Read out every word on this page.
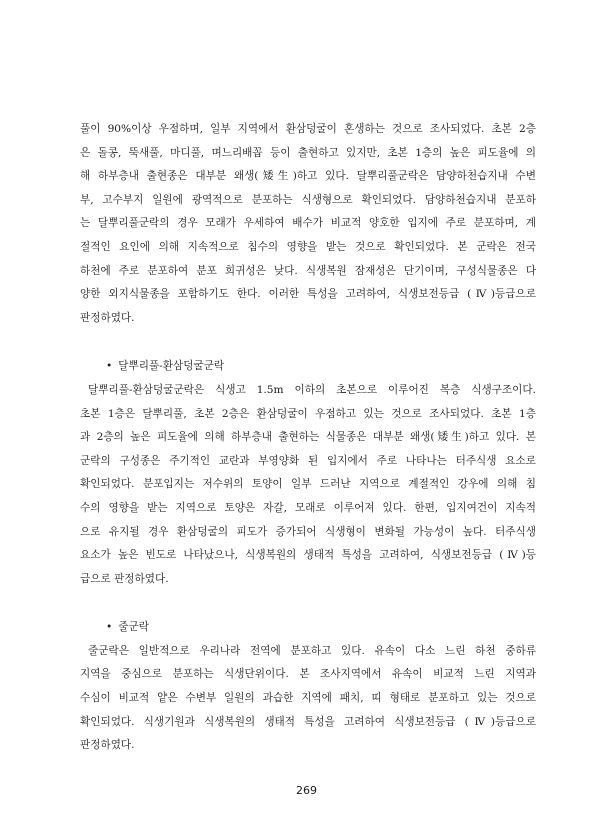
풀이 90%이상 우점하며, 일부 지역에서 환삼덩굴이 혼생하는 것으로 조사되었다. 초본 2층

은 돌콩, 뚝새풀, 마디풀, 며느리배꼽 등이 출현하고 있지만, 초본 1층의 높은 피도율에 의

해 하부층내 출현종은 대부분 왜생(矮生)하고 있다. 달뿌리풀군락은 담양하천습지내 수변

부, 고수부지 일원에 광역적으로 분포하는 식생형으로 확인되었다. 담양하천습지내 분포하

는 달뿌리풀군락의 경우 모래가 우세하여 배수가 비교적 양호한 입지에 주로 분포하며, 계

절적인 요인에 의해 지속적으로 침수의 영향을 받는 것으로 확인되었다. 본 군락은 전국

하천에 주로 분포하여 분포 희귀성은 낮다. 식생복원 잠재성은 단기이며, 구성식물종은 다

양한 외지식물종을 포함하기도 한다. 이러한 특성을 고려하여, 식생보전등급 (Ⅳ)등급으로

판정하였다.

• 달뿌리풀-환삼덩굴군락

달뿌리풀-환삼덩굴군락은 식생고 1.5m 이하의 초본으로 이루어진 복층 식생구조이다.

초본 1층은 달뿌리풀, 초본 2층은 환삼덩굴이 우점하고 있는 것으로 조사되었다. 초본 1층

과 2층의 높은 피도율에 의해 하부층내 출현하는 식물종은 대부분 왜생(矮生)하고 있다. 본

군락의 구성종은 주기적인 교란과 부영양화 된 입지에서 주로 나타나는 터주식생 요소로

확인되었다. 분포입지는 저수위의 토양이 일부 드러난 지역으로 계절적인 강우에 의해 침

수의 영향을 받는 지역으로 토양은 자갈, 모래로 이루어져 있다. 한편, 입지여건이 지속적

으로 유지될 경우 환삼덩굴의 피도가 증가되어 식생형이 변화될 가능성이 높다. 터주식생

요소가 높은 빈도로 나타났으나, 식생복원의 생태적 특성을 고려하여, 식생보전등급 (Ⅳ)등

급으로 판정하였다.

• 줄군락

줄군락은 일반적으로 우리나라 전역에 분포하고 있다. 유속이 다소 느린 하천 중하류

지역을 중심으로 분포하는 식생단위이다. 본 조사지역에서 유속이 비교적 느린 지역과

수심이 비교적 얕은 수변부 일원의 과습한 지역에 패치, 띠 형태로 분포하고 있는 것으로

확인되었다. 식생기원과 식생복원의 생태적 특성을 고려하여 식생보전등급 (Ⅳ)등급으로

판정하였다.

269
